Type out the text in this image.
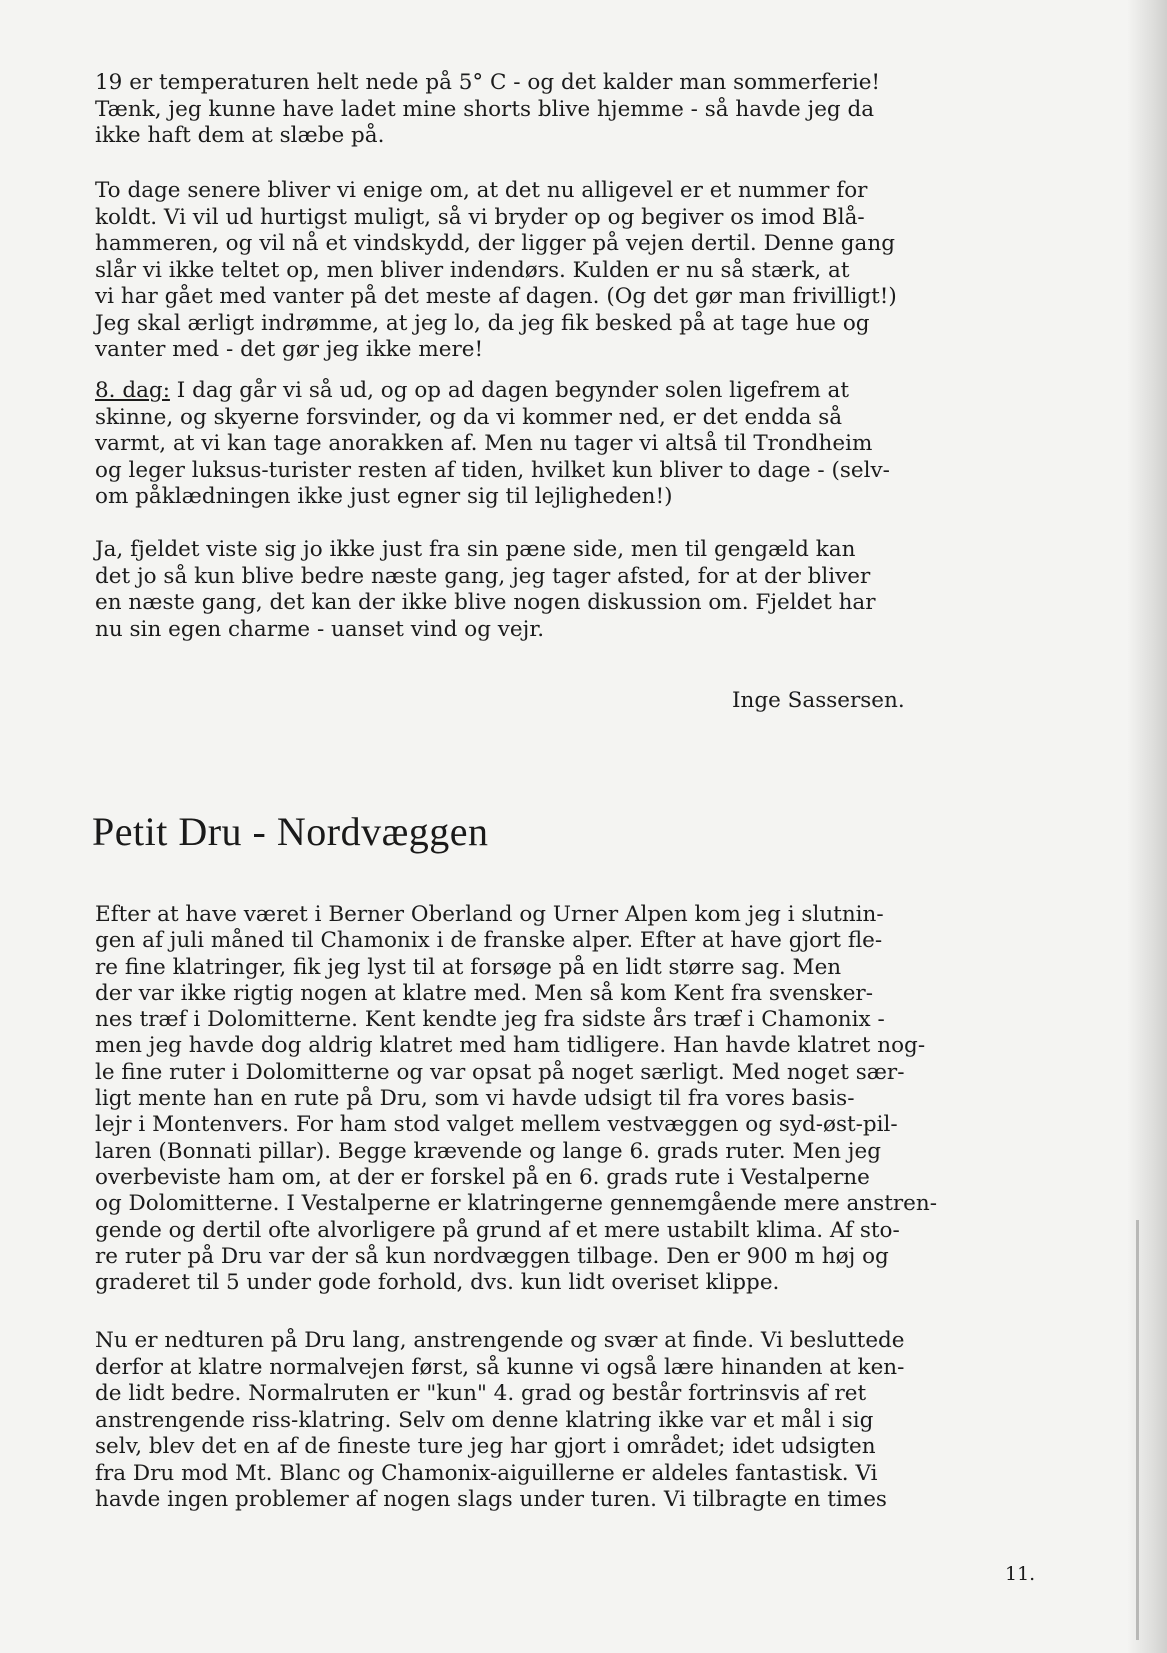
19 er temperaturen helt nede på 5° C - og det kalder man sommerferie!
Tænk, jeg kunne have ladet mine shorts blive hjemme - så havde jeg da
ikke haft dem at slæbe på.
To dage senere bliver vi enige om, at det nu alligevel er et nummer for
koldt. Vi vil ud hurtigst muligt, så vi bryder op og begiver os imod Blå-
hammeren, og vil nå et vindskydd, der ligger på vejen dertil. Denne gang
slår vi ikke teltet op, men bliver indendørs. Kulden er nu så stærk, at
vi har gået med vanter på det meste af dagen. (Og det gør man frivilligt!)
Jeg skal ærligt indrømme, at jeg lo, da jeg fik besked på at tage hue og
vanter med - det gør jeg ikke mere!
8. dag: I dag går vi så ud, og op ad dagen begynder solen ligefrem at
skinne, og skyerne forsvinder, og da vi kommer ned, er det endda så
varmt, at vi kan tage anorakken af. Men nu tager vi altså til Trondheim
og leger luksus-turister resten af tiden, hvilket kun bliver to dage - (selv-
om påklædningen ikke just egner sig til lejligheden!)
Ja, fjeldet viste sig jo ikke just fra sin pæne side, men til gengæld kan
det jo så kun blive bedre næste gang, jeg tager afsted, for at der bliver
en næste gang, det kan der ikke blive nogen diskussion om. Fjeldet har
nu sin egen charme - uanset vind og vejr.
Inge Sassersen.
Petit Dru - Nordvæggen
Efter at have været i Berner Oberland og Urner Alpen kom jeg i slutnin-
gen af juli måned til Chamonix i de franske alper. Efter at have gjort fle-
re fine klatringer, fik jeg lyst til at forsøge på en lidt større sag. Men
der var ikke rigtig nogen at klatre med. Men så kom Kent fra svensker-
nes træf i Dolomitterne. Kent kendte jeg fra sidste års træf i Chamonix -
men jeg havde dog aldrig klatret med ham tidligere. Han havde klatret nog-
le fine ruter i Dolomitterne og var opsat på noget særligt. Med noget sær-
ligt mente han en rute på Dru, som vi havde udsigt til fra vores basis-
lejr i Montenvers. For ham stod valget mellem vestvæggen og syd-øst-pil-
laren (Bonnati pillar). Begge krævende og lange 6. grads ruter. Men jeg
overbeviste ham om, at der er forskel på en 6. grads rute i Vestalperne
og Dolomitterne. I Vestalperne er klatringerne gennemgående mere anstren-
gende og dertil ofte alvorligere på grund af et mere ustabilt klima. Af sto-
re ruter på Dru var der så kun nordvæggen tilbage. Den er 900 m høj og
graderet til 5 under gode forhold, dvs. kun lidt overiset klippe.
Nu er nedturen på Dru lang, anstrengende og svær at finde. Vi besluttede
derfor at klatre normalvejen først, så kunne vi også lære hinanden at ken-
de lidt bedre. Normalruten er "kun" 4. grad og består fortrinsvis af ret
anstrengende riss-klatring. Selv om denne klatring ikke var et mål i sig
selv, blev det en af de fineste ture jeg har gjort i området; idet udsigten
fra Dru mod Mt. Blanc og Chamonix-aiguillerne er aldeles fantastisk. Vi
havde ingen problemer af nogen slags under turen. Vi tilbragte en times
11.
